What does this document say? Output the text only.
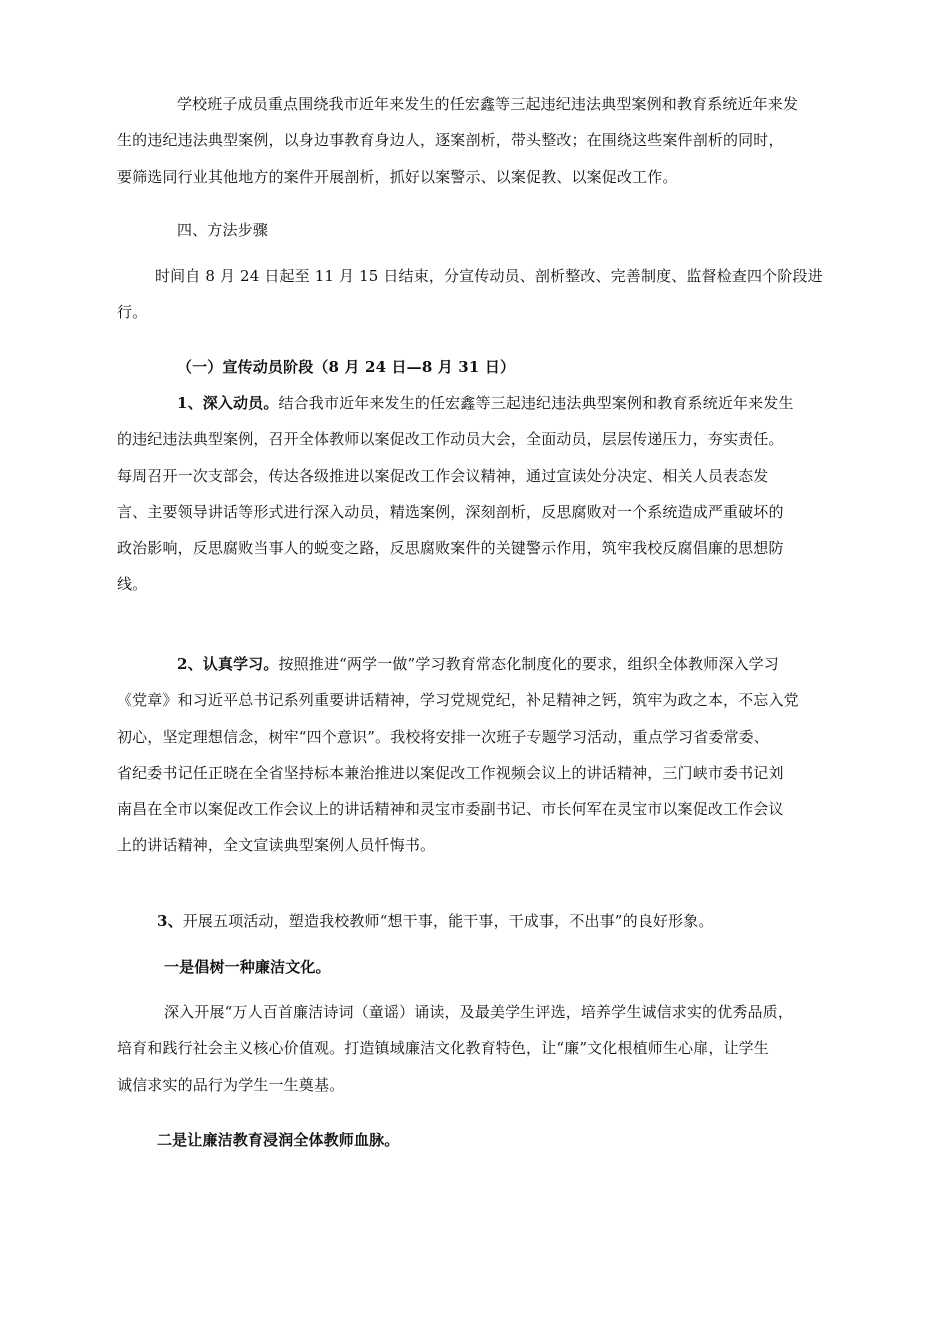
学校班子成员重点围绕我市近年来发生的任宏鑫等三起违纪违法典型案例和教育系统近年来发
生的违纪违法典型案例，以身边事教育身边人，逐案剖析，带头整改；在围绕这些案件剖析的同时，
要筛选同行业其他地方的案件开展剖析，抓好以案警示、以案促教、以案促改工作。
四、方法步骤
时间自 8 月 24 日起至 11 月 15 日结束，分宣传动员、剖析整改、完善制度、监督检查四个阶段进
行。
（一）宣传动员阶段（8 月 24 日—8 月 31 日）
1、深入动员。结合我市近年来发生的任宏鑫等三起违纪违法典型案例和教育系统近年来发生
的违纪违法典型案例，召开全体教师以案促改工作动员大会，全面动员，层层传递压力，夯实责任。
每周召开一次支部会，传达各级推进以案促改工作会议精神，通过宣读处分决定、相关人员表态发
言、主要领导讲话等形式进行深入动员，精选案例，深刻剖析，反思腐败对一个系统造成严重破坏的
政治影响，反思腐败当事人的蜕变之路，反思腐败案件的关键警示作用，筑牢我校反腐倡廉的思想防
线。
2、认真学习。按照推进“两学一做”学习教育常态化制度化的要求，组织全体教师深入学习
《党章》和习近平总书记系列重要讲话精神，学习党规党纪，补足精神之钙，筑牢为政之本，不忘入党
初心，坚定理想信念，树牢“四个意识”。我校将安排一次班子专题学习活动，重点学习省委常委、
省纪委书记任正晓在全省坚持标本兼治推进以案促改工作视频会议上的讲话精神，三门峡市委书记刘
南昌在全市以案促改工作会议上的讲话精神和灵宝市委副书记、市长何军在灵宝市以案促改工作会议
上的讲话精神，全文宣读典型案例人员忏悔书。
3、开展五项活动，塑造我校教师“想干事，能干事，干成事，不出事”的良好形象。
一是倡树一种廉洁文化。
深入开展“万人百首廉洁诗词（童谣）诵读，及最美学生评选，培养学生诚信求实的优秀品质，
培育和践行社会主义核心价值观。打造镇域廉洁文化教育特色，让“廉”文化根植师生心扉，让学生
诚信求实的品行为学生一生奠基。
二是让廉洁教育浸润全体教师血脉。
